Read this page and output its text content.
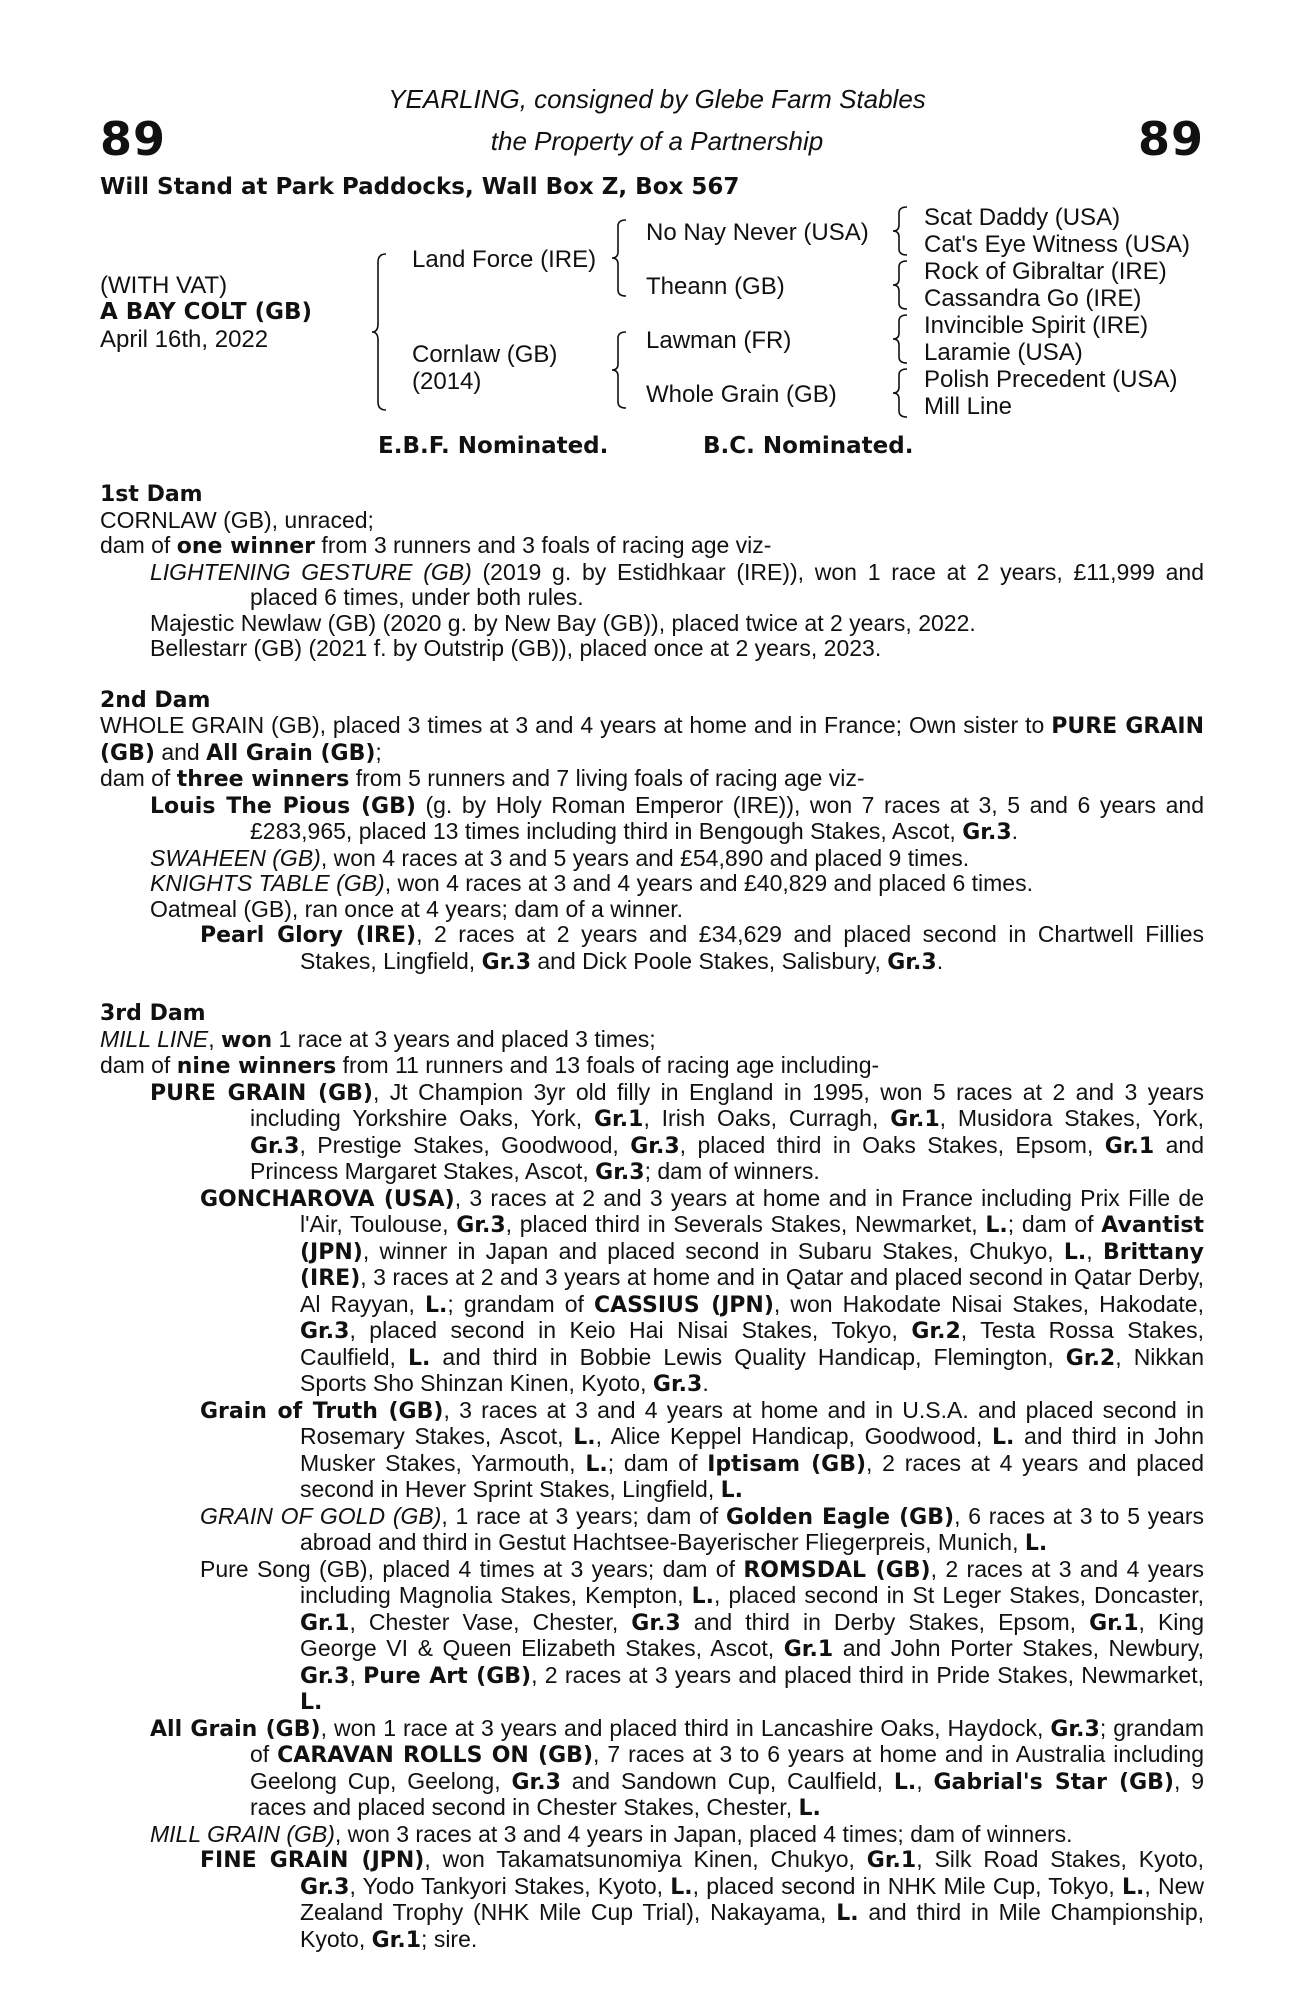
89	89
YEARLING, consigned by Glebe Farm Stables
the Property of a Partnership
Will Stand at Park Paddocks, Wall Box Z, Box 567
(WITH VAT)
A BAY COLT (GB)
April 16th, 2022
Land Force (IRE)
Cornlaw (GB)
(2014)
No Nay Never (USA)
Theann (GB)
Lawman (FR)
Whole Grain (GB)
Scat Daddy (USA)
Cat's Eye Witness (USA)
Rock of Gibraltar (IRE)
Cassandra Go (IRE)
Invincible Spirit (IRE)
Laramie (USA)
Polish Precedent (USA)
Mill Line
E.B.F. Nominated.	B.C. Nominated.
1st Dam
CORNLAW (GB), unraced;
dam of one winner from 3 runners and 3 foals of racing age viz-
LIGHTENING GESTURE (GB) (2019 g. by Estidhkaar (IRE)), won 1 race at 2 years, £11,999 and placed 6 times, under both rules.
Majestic Newlaw (GB) (2020 g. by New Bay (GB)), placed twice at 2 years, 2022.
Bellestarr (GB) (2021 f. by Outstrip (GB)), placed once at 2 years, 2023.
2nd Dam
WHOLE GRAIN (GB), placed 3 times at 3 and 4 years at home and in France; Own sister to PURE GRAIN (GB) and All Grain (GB);
dam of three winners from 5 runners and 7 living foals of racing age viz-
Louis The Pious (GB) (g. by Holy Roman Emperor (IRE)), won 7 races at 3, 5 and 6 years and £283,965, placed 13 times including third in Bengough Stakes, Ascot, Gr.3.
SWAHEEN (GB), won 4 races at 3 and 5 years and £54,890 and placed 9 times.
KNIGHTS TABLE (GB), won 4 races at 3 and 4 years and £40,829 and placed 6 times.
Oatmeal (GB), ran once at 4 years; dam of a winner.
Pearl Glory (IRE), 2 races at 2 years and £34,629 and placed second in Chartwell Fillies Stakes, Lingfield, Gr.3 and Dick Poole Stakes, Salisbury, Gr.3.
3rd Dam
MILL LINE, won 1 race at 3 years and placed 3 times;
dam of nine winners from 11 runners and 13 foals of racing age including-
PURE GRAIN (GB), Jt Champion 3yr old filly in England in 1995, won 5 races at 2 and 3 years including Yorkshire Oaks, York, Gr.1, Irish Oaks, Curragh, Gr.1, Musidora Stakes, York, Gr.3, Prestige Stakes, Goodwood, Gr.3, placed third in Oaks Stakes, Epsom, Gr.1 and Princess Margaret Stakes, Ascot, Gr.3; dam of winners.
GONCHAROVA (USA), 3 races at 2 and 3 years at home and in France including Prix Fille de l'Air, Toulouse, Gr.3, placed third in Severals Stakes, Newmarket, L.; dam of Avantist (JPN), winner in Japan and placed second in Subaru Stakes, Chukyo, L., Brittany (IRE), 3 races at 2 and 3 years at home and in Qatar and placed second in Qatar Derby, Al Rayyan, L.; grandam of CASSIUS (JPN), won Hakodate Nisai Stakes, Hakodate, Gr.3, placed second in Keio Hai Nisai Stakes, Tokyo, Gr.2, Testa Rossa Stakes, Caulfield, L. and third in Bobbie Lewis Quality Handicap, Flemington, Gr.2, Nikkan Sports Sho Shinzan Kinen, Kyoto, Gr.3.
Grain of Truth (GB), 3 races at 3 and 4 years at home and in U.S.A. and placed second in Rosemary Stakes, Ascot, L., Alice Keppel Handicap, Goodwood, L. and third in John Musker Stakes, Yarmouth, L.; dam of Iptisam (GB), 2 races at 4 years and placed second in Hever Sprint Stakes, Lingfield, L.
GRAIN OF GOLD (GB), 1 race at 3 years; dam of Golden Eagle (GB), 6 races at 3 to 5 years abroad and third in Gestut Hachtsee-Bayerischer Fliegerpreis, Munich, L.
Pure Song (GB), placed 4 times at 3 years; dam of ROMSDAL (GB), 2 races at 3 and 4 years including Magnolia Stakes, Kempton, L., placed second in St Leger Stakes, Doncaster, Gr.1, Chester Vase, Chester, Gr.3 and third in Derby Stakes, Epsom, Gr.1, King George VI & Queen Elizabeth Stakes, Ascot, Gr.1 and John Porter Stakes, Newbury, Gr.3, Pure Art (GB), 2 races at 3 years and placed third in Pride Stakes, Newmarket, L.
All Grain (GB), won 1 race at 3 years and placed third in Lancashire Oaks, Haydock, Gr.3; grandam of CARAVAN ROLLS ON (GB), 7 races at 3 to 6 years at home and in Australia including Geelong Cup, Geelong, Gr.3 and Sandown Cup, Caulfield, L., Gabrial's Star (GB), 9 races and placed second in Chester Stakes, Chester, L.
MILL GRAIN (GB), won 3 races at 3 and 4 years in Japan, placed 4 times; dam of winners.
FINE GRAIN (JPN), won Takamatsunomiya Kinen, Chukyo, Gr.1, Silk Road Stakes, Kyoto, Gr.3, Yodo Tankyori Stakes, Kyoto, L., placed second in NHK Mile Cup, Tokyo, L., New Zealand Trophy (NHK Mile Cup Trial), Nakayama, L. and third in Mile Championship, Kyoto, Gr.1; sire.
